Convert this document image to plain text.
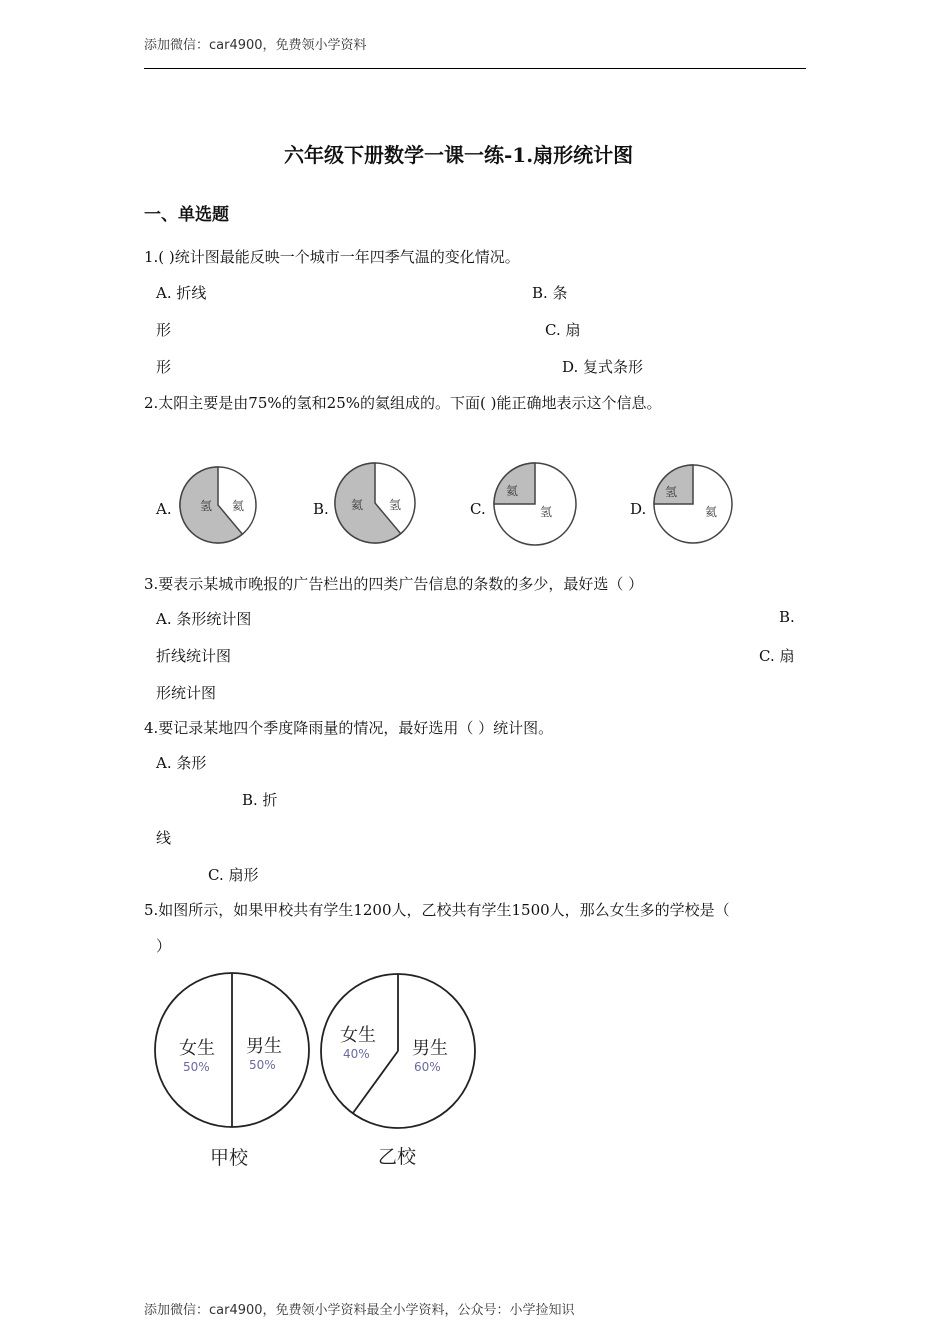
添加微信：car4900，免费领小学资料
六年级下册数学一课一练-1.扇形统计图
一、单选题
1.( )统计图最能反映一个城市一年四季气温的变化情况。
A. 折线	B. 条
形	C. 扇
形	D. 复式条形
2.太阳主要是由75%的氢和25%的氦组成的。下面( )能正确地表示这个信息。
A. 氢 氦	B. 氦 氢	C.
氦
氢	D.
氢
氦
3.要表示某城市晚报的广告栏出的四类广告信息的条数的多少，最好选（ ）
A. 条形统计图	B.
折线统计图	C. 扇
形统计图
4.要记录某地四个季度降雨量的情况，最好选用（ ）统计图。
A. 条形
B. 折
线
C. 扇形
5.如图所示，如果甲校共有学生1200人，乙校共有学生1500人，那么女生多的学校是（
）
女生
50%
男生
50%
甲校
女生
40% 男生
60%
乙校
添加微信：car4900，免费领小学资料最全小学资料，公众号：小学捡知识
